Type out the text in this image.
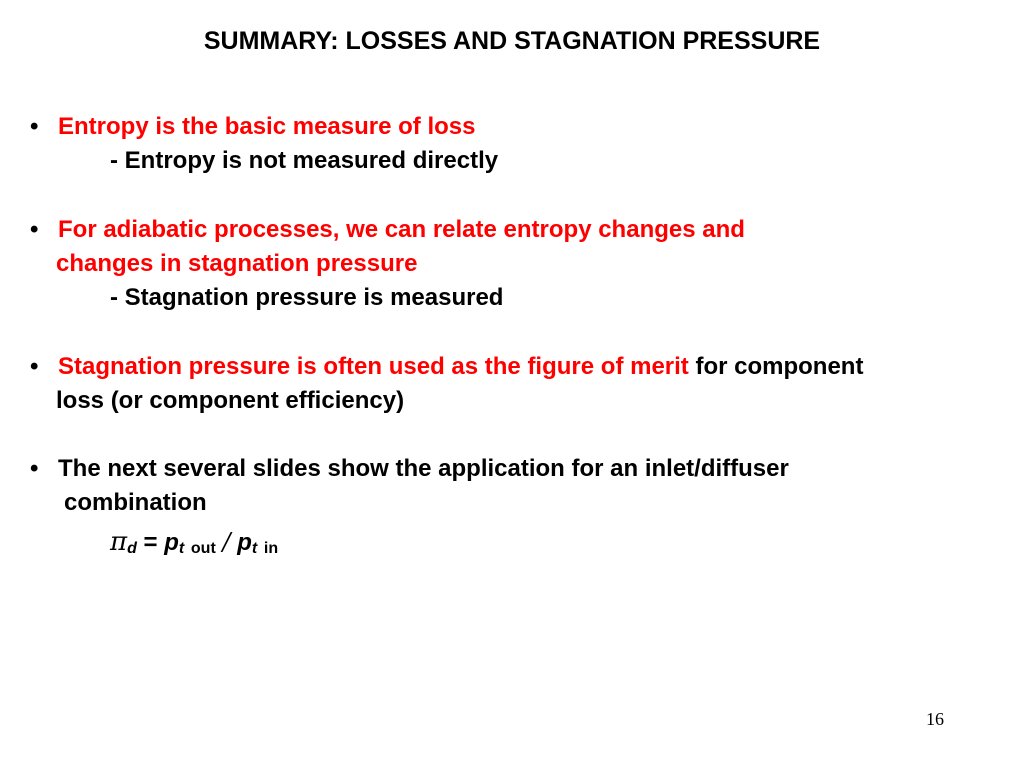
SUMMARY: LOSSES AND STAGNATION PRESSURE
• Entropy is the basic measure of loss
- Entropy is not measured directly
• For adiabatic processes, we can relate entropy changes and
changes in stagnation pressure
- Stagnation pressure is measured
• Stagnation pressure is often used as the figure of merit for component
loss (or component efficiency)
• The next several slides show the application for an inlet/diffuser
combination
πd = pt out / pt in
16
